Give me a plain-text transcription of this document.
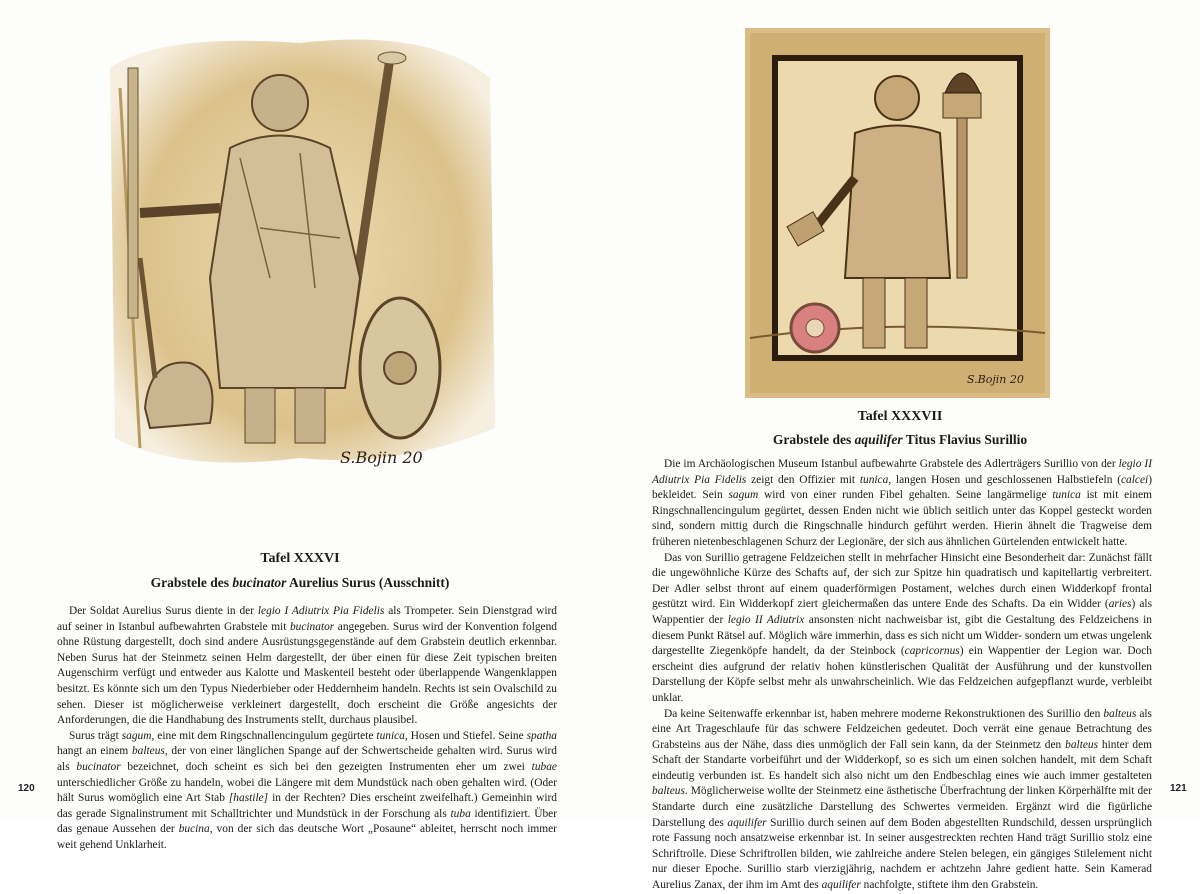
S.Bojin 20
Tafel XXXVI
Grabstele des bucinator Aurelius Surus (Ausschnitt)

Der Soldat Aurelius Surus diente in der legio I Adiutrix Pia Fidelis als Trompeter. Sein Dienstgrad wird auf seiner in Istanbul aufbewahrten Grabstele mit bucinator angegeben. Surus wird der Konvention folgend ohne Rüstung dargestellt, doch sind andere Ausrüstungsgegenstände auf dem Grabstein deutlich erkennbar. Neben Surus hat der Steinmetz seinen Helm dargestellt, der über einen für diese Zeit typischen breiten Augenschirm verfügt und entweder aus Kalotte und Maskenteil besteht oder überlappende Wangenklappen besitzt. Es könnte sich um den Typus Niederbieber oder Heddernheim handeln. Rechts ist sein Ovalschild zu sehen. Dieser ist möglicherweise verkleinert dargestellt, doch erscheint die Größe angesichts der Anforderungen, die die Handhabung des Instruments stellt, durchaus plausibel.

Surus trägt sagum, eine mit dem Ringschnallencingulum gegürtete tunica, Hosen und Stiefel. Seine spatha hangt an einem balteus, der von einer länglichen Spange auf der Schwertscheide gehalten wird. Surus wird als bucinator bezeichnet, doch scheint es sich bei den gezeigten Instrumenten eher um zwei tubae unterschiedlicher Größe zu handeln, wobei die Längere mit dem Mundstück nach oben gehalten wird. (Oder hält Surus womöglich eine Art Stab [hastile] in der Rechten? Dies erscheint zweifelhaft.) Gemeinhin wird das gerade Signalinstrument mit Schalltrichter und Mundstück in der Forschung als tuba identifiziert. Über das genaue Aussehen der bucina, von der sich das deutsche Wort „Posaune“ ableitet, herrscht noch immer weit gehend Unklarheit.

120
S.Bojin 20
Tafel XXXVII
Grabstele des aquilifer Titus Flavius Surillio

Die im Archäologischen Museum Istanbul aufbewahrte Grabstele des Adlerträgers Surillio von der legio II Adiutrix Pia Fidelis zeigt den Offizier mit tunica, langen Hosen und geschlossenen Halbstiefeln (calcei) bekleidet. Sein sagum wird von einer runden Fibel gehalten. Seine langärmelige tunica ist mit einem Ringschnallencingulum gegürtet, dessen Enden nicht wie üblich seitlich unter das Koppel gesteckt worden sind, sondern mittig durch die Ringschnalle hindurch geführt werden. Hierin ähnelt die Tragweise dem früheren nietenbeschlagenen Schurz der Legionäre, der sich aus ähnlichen Gürtelenden entwickelt hatte.

Das von Surillio getragene Feldzeichen stellt in mehrfacher Hinsicht eine Besonderheit dar: Zunächst fällt die ungewöhnliche Kürze des Schafts auf, der sich zur Spitze hin quadratisch und kapitellartig verbreitert. Der Adler selbst thront auf einem quaderförmigen Postament, welches durch einen Widderkopf frontal gestützt wird. Ein Widderkopf ziert gleichermaßen das untere Ende des Schafts. Da ein Widder (aries) als Wappentier der legio II Adiutrix ansonsten nicht nachweisbar ist, gibt die Gestaltung des Feldzeichens in diesem Punkt Rätsel auf. Möglich wäre immerhin, dass es sich nicht um Widder- sondern um etwas ungelenk dargestellte Ziegenköpfe handelt, da der Steinbock (capricornus) ein Wappentier der Legion war. Doch erscheint dies aufgrund der relativ hohen künstlerischen Qualität der Ausführung und der kunstvollen Darstellung der Köpfe selbst mehr als unwahrscheinlich. Wie das Feldzeichen aufgepflanzt wurde, verbleibt unklar.

Da keine Seitenwaffe erkennbar ist, haben mehrere moderne Rekonstruktionen des Surillio den balteus als eine Art Trageschlaufe für das schwere Feldzeichen gedeutet. Doch verrät eine genaue Betrachtung des Grabsteins aus der Nähe, dass dies unmöglich der Fall sein kann, da der Steinmetz den balteus hinter dem Schaft der Standarte vorbeiführt und der Widderkopf, so es sich um einen solchen handelt, mit dem Schaft eindeutig verbunden ist. Es handelt sich also nicht um den Endbeschlag eines wie auch immer gestalteten balteus. Möglicherweise wollte der Steinmetz eine ästhetische Überfrachtung der linken Körperhälfte mit der Standarte durch eine zusätzliche Darstellung des Schwertes vermeiden. Ergänzt wird die figürliche Darstellung des aquilifer Surillio durch seinen auf dem Boden abgestellten Rundschild, dessen ursprünglich rote Fassung noch ansatzweise erkennbar ist. In seiner ausgestreckten rechten Hand trägt Surillio stolz eine Schriftrolle. Diese Schriftrollen bilden, wie zahlreiche andere Stelen belegen, ein gängiges Stilelement nicht nur dieser Epoche. Surillio starb vierzigjährig, nachdem er achtzehn Jahre gedient hatte. Sein Kamerad Aurelius Zanax, der ihm im Amt des aquilifer nachfolgte, stiftete ihm den Grabstein.

121
